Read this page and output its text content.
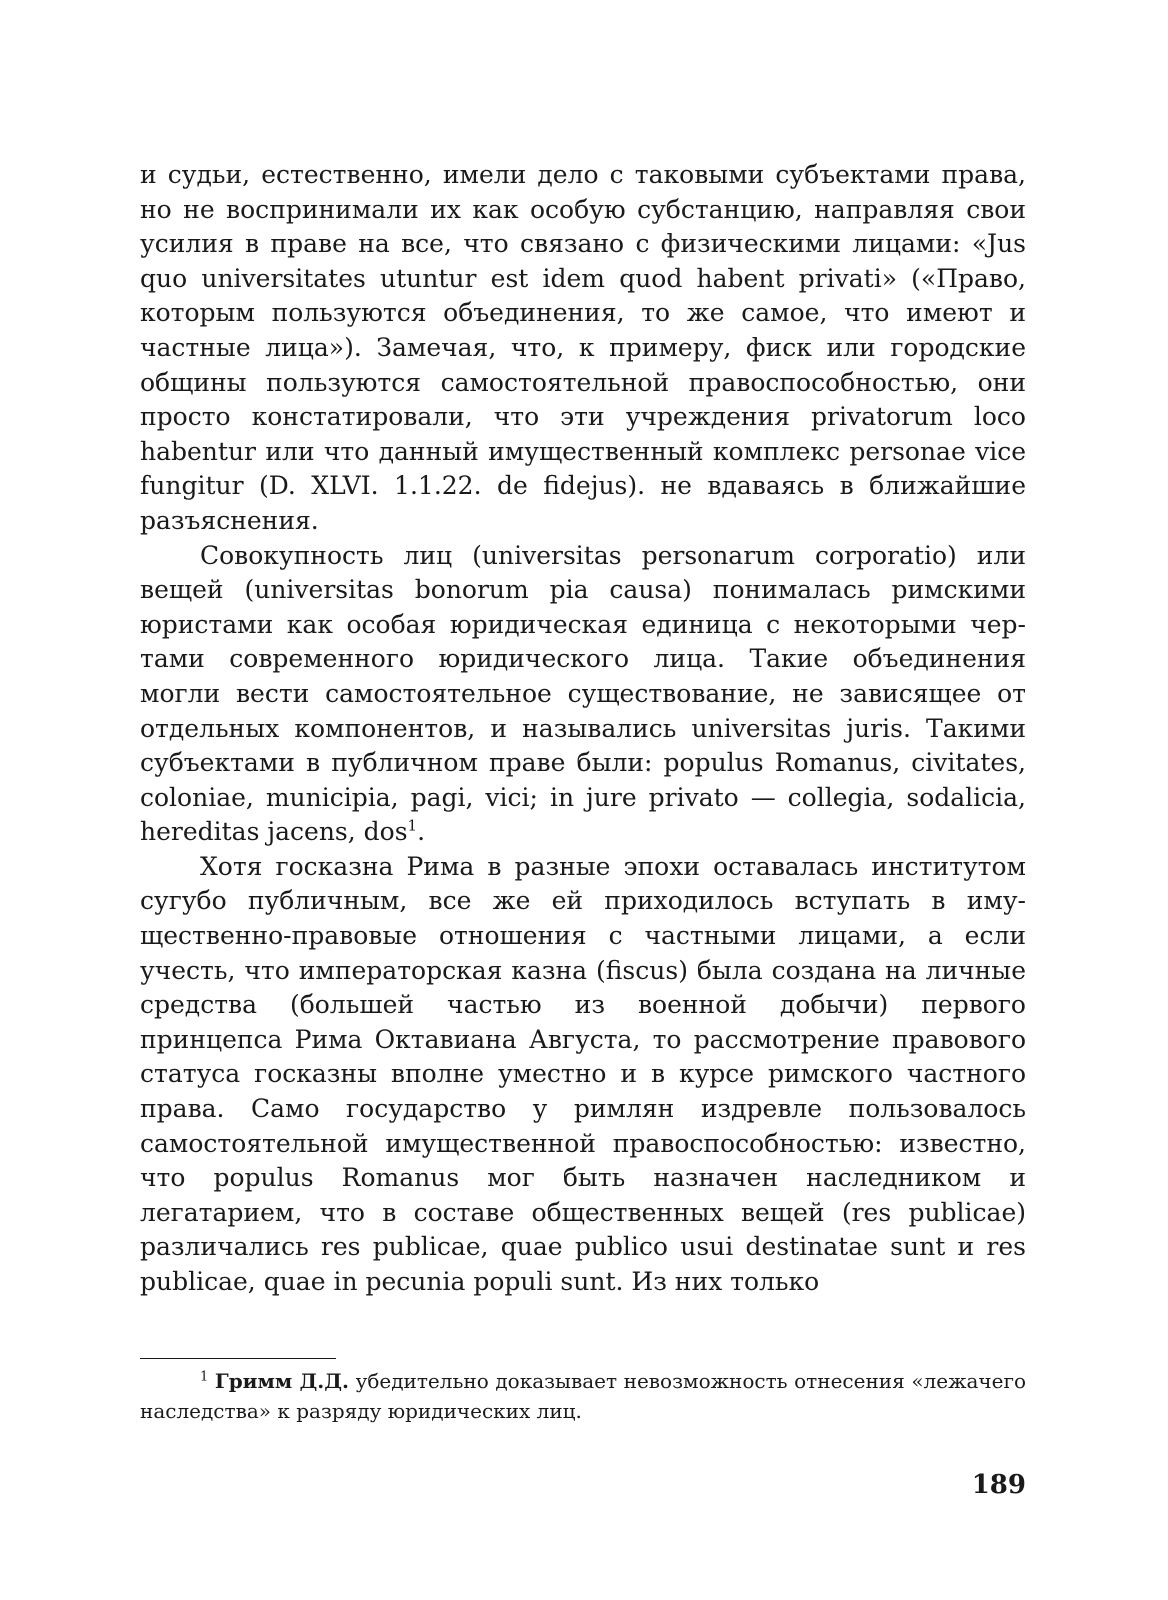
и судьи, естественно, имели дело с таковыми субъектами права, но не воспринимали их как особую субстанцию, направляя свои усилия в праве на все, что связано с физическими лицами: «Jus quo universitates utuntur est idem quod habent privati» («Право, которым пользуются объединения, то же самое, что имеют и частные лица»). Замечая, что, к примеру, фиск или городские общины пользуются самостоятельной правоспособностью, они просто констатировали, что эти учреждения privatorum loco habentur или что данный имущественный комплекс personae vice fungitur (D. XLVI. 1.1.22. de fidejus). не вдаваясь в ближайшие разъяснения.

Совокупность лиц (universitas personarum corporatio) или вещей (universitas bonorum pia causa) понималась римскими юристами как особая юридическая единица с некоторыми чертами современного юридического лица. Такие объединения могли вести самостоятельное существование, не зависящее от отдельных компонентов, и назывались universitas juris. Такими субъектами в публичном праве были: populus Romanus, civitates, coloniae, municipia, pagi, vici; in jure privato — collegia, sodalicia, hereditas jacens, dos$^1$.

Хотя госказна Рима в разные эпохи оставалась институтом сугубо публичным, все же ей приходилось вступать в имущественно-правовые отношения с частными лицами, а если учесть, что императорская казна (fiscus) была создана на личные средства (большей частью из военной добычи) первого принцепса Рима Октавиана Августа, то рассмотрение правового статуса госказны вполне уместно и в курсе римского частного права. Само государство у римлян издревле пользовалось самостоятельной имущественной правоспособностью: известно, что populus Romanus мог быть назначен наследником и легатарием, что в составе общественных вещей (res publicae) различались res publicae, quae publico usui destinatae sunt и res publicae, quae in pecunia populi sunt. Из них только

$^1$ Гримм Д.Д. убедительно доказывает невозможность отнесения «лежачего наследства» к разряду юридических лиц.

189
